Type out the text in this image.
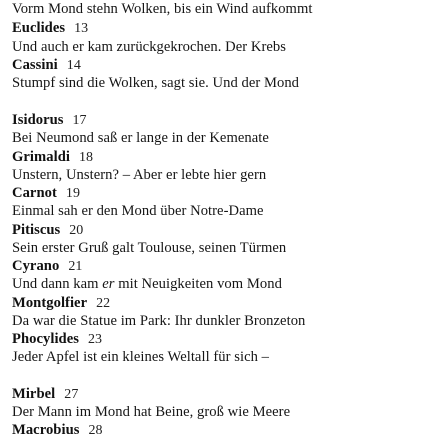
Vorm Mond stehn Wolken, bis ein Wind aufkommt
Euclides 13
Und auch er kam zurückgekrochen. Der Krebs
Cassini 14
Stumpf sind die Wolken, sagt sie. Und der Mond
Isidorus 17
Bei Neumond saß er lange in der Kemenate
Grimaldi 18
Unstern, Unstern? – Aber er lebte hier gern
Carnot 19
Einmal sah er den Mond über Notre-Dame
Pitiscus 20
Sein erster Gruß galt Toulouse, seinen Türmen
Cyrano 21
Und dann kam er mit Neuigkeiten vom Mond
Montgolfier 22
Da war die Statue im Park: Ihr dunkler Bronzeton
Phocylides 23
Jeder Apfel ist ein kleines Weltall für sich –
Mirbel 27
Der Mann im Mond hat Beine, groß wie Meere
Macrobius 28
